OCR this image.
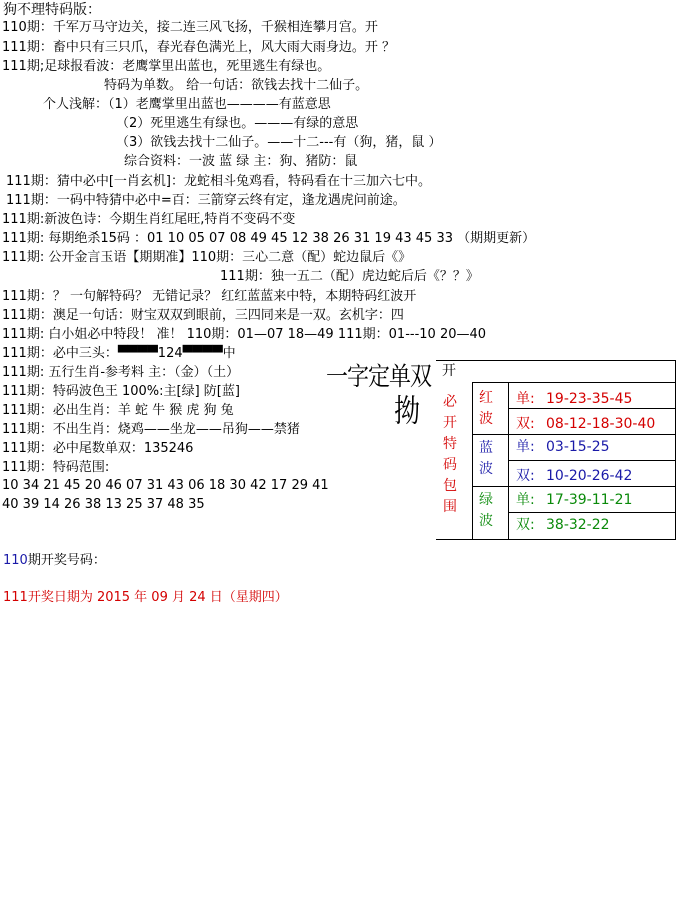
狗不理特码版：
110期：千军万马守边关，接二连三风飞扬，千猴相连攀月宫。开
111期：畜中只有三只爪，春光春色满光上，风大雨大雨身边。开 ？
111期;足球报看波：老鹰掌里出蓝也，死里逃生有绿也。
特码为单数。 给一句话：欲钱去找十二仙子。
个人浅解：（1）老鹰掌里出蓝也————有蓝意思
（2）死里逃生有绿也。———有绿的意思
（3）欲钱去找十二仙子。——十二---有（狗，猪，鼠 ）
综合资料：一波 蓝 绿 主：狗、猪防：鼠
111期：猜中必中[一肖玄机]：龙蛇相斗兔鸡看，特码看在十三加六七中。
111期：一码中特猜中必中=百：三箭穿云终有定，逢龙遇虎问前途。
111期:新波色诗：今期生肖红尾旺,特肖不变码不变
111期: 每期绝杀15码 ：01 10 05 07 08 49 45 12 38 26 31 19 43 45 33 （期期更新）
111期: 公开金言玉语【期期准】110期：三心二意（配）蛇边鼠后《》
111期：独一五二（配）虎边蛇后后《？？》
111期：？ 一句解特码？ 无错记录？ 红红蓝蓝来中特，本期特码红波开
111期：澳足一句话：财宝双双到眼前，三四同来是一双。玄机字：四
111期: 白小姐必中特段！ 准！ 110期：01—07 18—49 111期：01---10 20—40
111期：必中三头：▀▀▀▀124▀▀▀▀中
111期: 五行生肖-参考料 主：（金）（土）
111期：特码波色王 100%:主[绿] 防[蓝]
111期：必出生肖：羊 蛇 牛 猴 虎 狗 兔
111期：不出生肖：烧鸡——坐龙——吊狗——禁猪
111期：必中尾数单双：135246
111期：特码范围:
10 34 21 45 20 46 07 31 43 06 18 30 42 17 29 41
40 39 14 26 38 13 25 37 48 35
一字定单双
拗
开
必开特码包围
红波
蓝波
绿波
单: 19-23-35-45
双: 08-12-18-30-40
单: 03-15-25
双: 10-20-26-42
单: 17-39-11-21
双: 38-32-22
110期开奖号码：
111开奖日期为 2015 年 09 月 24 日（星期四）
